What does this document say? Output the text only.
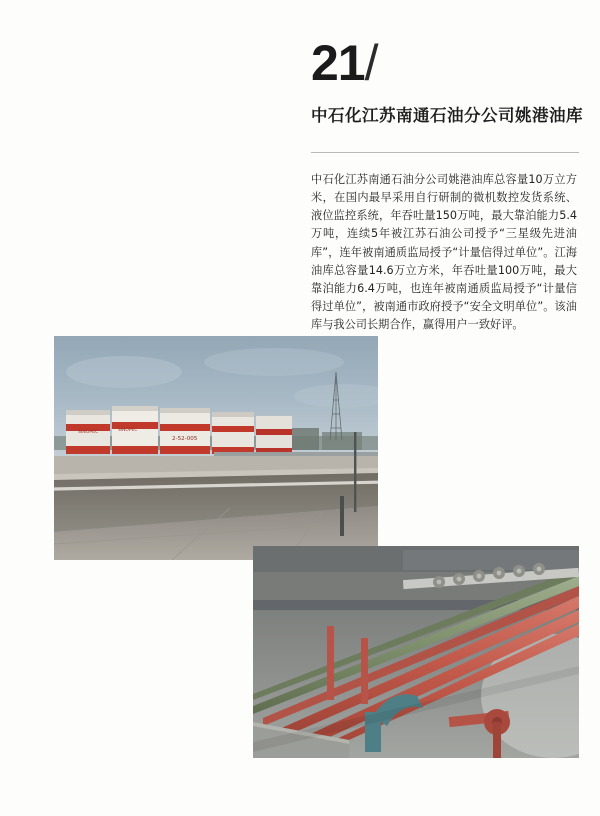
21/
中石化江苏南通石油分公司姚港油库
中石化江苏南通石油分公司姚港油库总容量10万立方米，在国内最早采用自行研制的微机数控发货系统、液位监控系统，年吞吐量150万吨，最大靠泊能力5.4万吨，连续5年被江苏石油公司授予“三星级先进油库”，连年被南通质监局授予“计量信得过单位”。江海油库总容量14.6万立方米，年吞吐量100万吨，最大靠泊能力6.4万吨，也连年被南通质监局授予“计量信得过单位”，被南通市政府授予“安全文明单位”。该油库与我公司长期合作，赢得用户一致好评。
2-52-005
SINOPEC	SINOPEC
